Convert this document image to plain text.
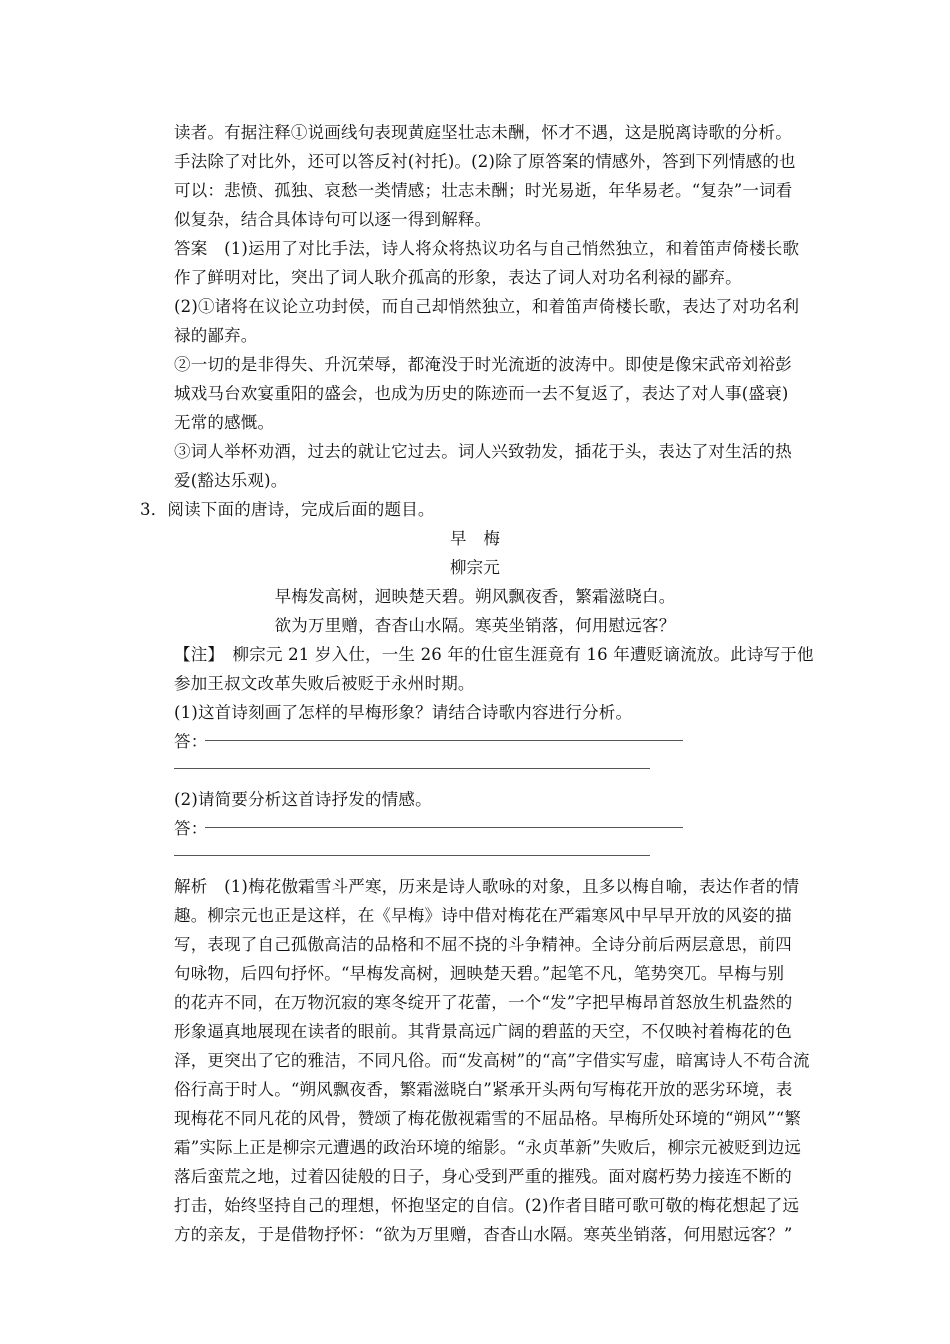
读者。有据注释①说画线句表现黄庭坚壮志未酬，怀才不遇，这是脱离诗歌的分析。
手法除了对比外，还可以答反衬(衬托)。(2)除了原答案的情感外，答到下列情感的也
可以：悲愤、孤独、哀愁一类情感；壮志未酬；时光易逝，年华易老。“复杂”一词看
似复杂，结合具体诗句可以逐一得到解释。
答案　(1)运用了对比手法，诗人将众将热议功名与自己悄然独立，和着笛声倚楼长歌
作了鲜明对比，突出了词人耿介孤高的形象，表达了词人对功名利禄的鄙弃。
(2)①诸将在议论立功封侯，而自己却悄然独立，和着笛声倚楼长歌，表达了对功名利
禄的鄙弃。
②一切的是非得失、升沉荣辱，都淹没于时光流逝的波涛中。即使是像宋武帝刘裕彭
城戏马台欢宴重阳的盛会，也成为历史的陈迹而一去不复返了，表达了对人事(盛衰)
无常的感慨。
③词人举杯劝酒，过去的就让它过去。词人兴致勃发，插花于头，表达了对生活的热
爱(豁达乐观)。
3．阅读下面的唐诗，完成后面的题目。
早　梅
柳宗元
早梅发高树，迥映楚天碧。朔风飘夜香，繁霜滋晓白。
欲为万里赠，杳杳山水隔。寒英坐销落，何用慰远客？
【注】　柳宗元 21 岁入仕，一生 26 年的仕宦生涯竟有 16 年遭贬谪流放。此诗写于他
参加王叔文改革失败后被贬于永州时期。
(1)这首诗刻画了怎样的早梅形象？请结合诗歌内容进行分析。
答：
(2)请简要分析这首诗抒发的情感。
答：
解析　(1)梅花傲霜雪斗严寒，历来是诗人歌咏的对象，且多以梅自喻，表达作者的情
趣。柳宗元也正是这样，在《早梅》诗中借对梅花在严霜寒风中早早开放的风姿的描
写，表现了自己孤傲高洁的品格和不屈不挠的斗争精神。全诗分前后两层意思，前四
句咏物，后四句抒怀。“早梅发高树，迥映楚天碧。”起笔不凡，笔势突兀。早梅与别
的花卉不同，在万物沉寂的寒冬绽开了花蕾，一个“发”字把早梅昂首怒放生机盎然的
形象逼真地展现在读者的眼前。其背景高远广阔的碧蓝的天空，不仅映衬着梅花的色
泽，更突出了它的雅洁，不同凡俗。而“发高树”的“高”字借实写虚，暗寓诗人不苟合流
俗行高于时人。“朔风飘夜香，繁霜滋晓白”紧承开头两句写梅花开放的恶劣环境，表
现梅花不同凡花的风骨，赞颂了梅花傲视霜雪的不屈品格。早梅所处环境的“朔风”“繁
霜”实际上正是柳宗元遭遇的政治环境的缩影。“永贞革新”失败后，柳宗元被贬到边远
落后蛮荒之地，过着囚徒般的日子，身心受到严重的摧残。面对腐朽势力接连不断的
打击，始终坚持自己的理想，怀抱坚定的自信。(2)作者目睹可歌可敬的梅花想起了远
方的亲友，于是借物抒怀：“欲为万里赠，杳杳山水隔。寒英坐销落，何用慰远客？”
